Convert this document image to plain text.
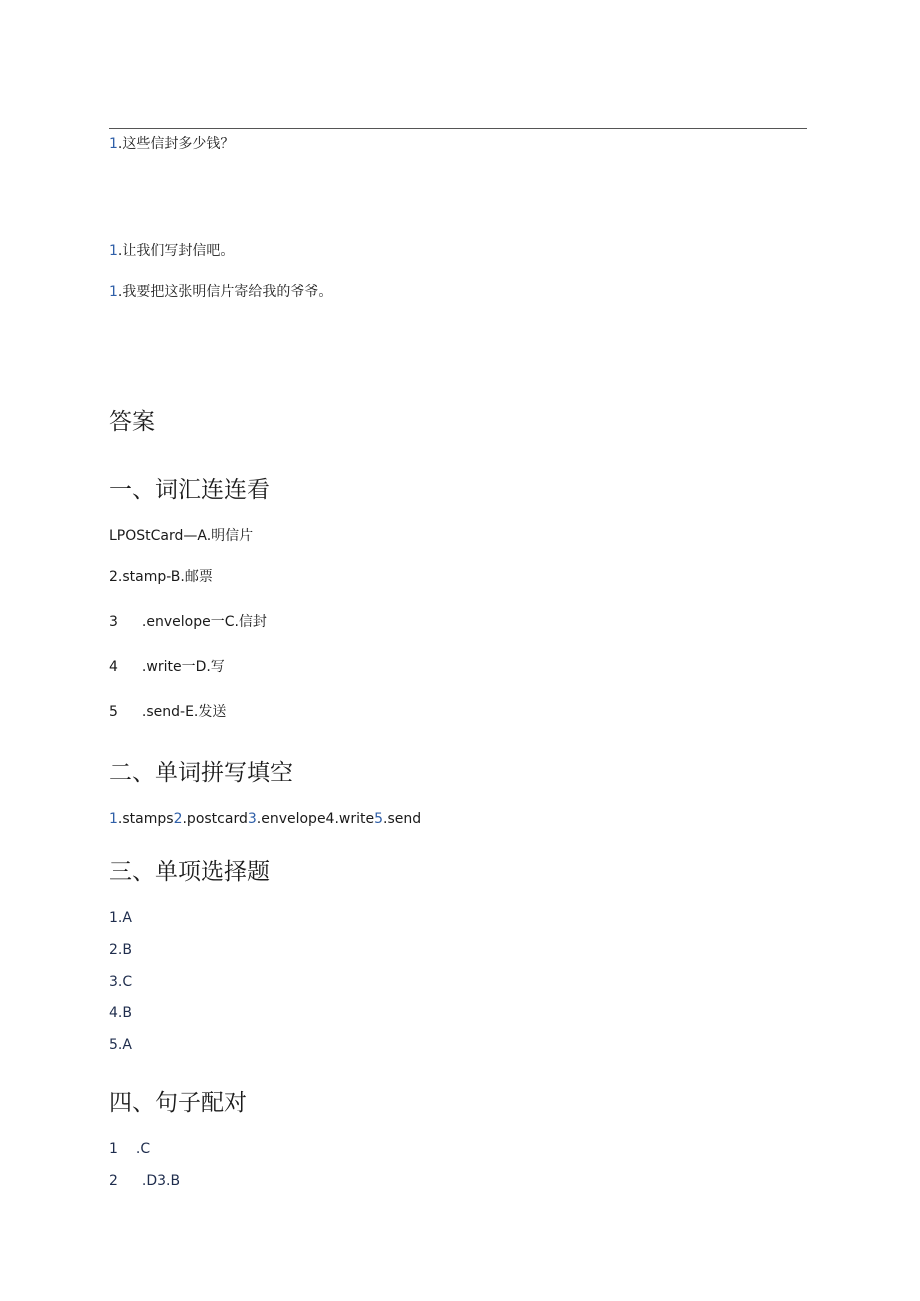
1.这些信封多少钱？
1.让我们写封信吧。
1.我要把这张明信片寄给我的爷爷。
答案
一、词汇连连看
LPOStCard—A.明信片
2.stamp-B.邮票
3 .envelope一C.信封
4 .write一D.写
5 .send-E.发送
二、单词拼写填空
1.stamps2.postcard3.envelope4.write5.send
三、单项选择题
1.A
2.B
3.C
4.B
5.A
四、句子配对
1 .C
2 .D3.B
